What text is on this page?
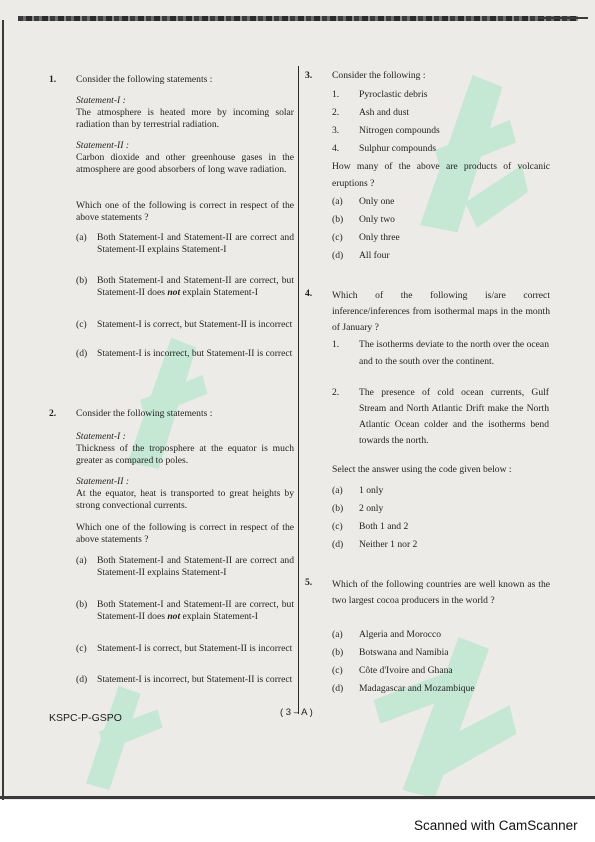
1. Consider the following statements :
Statement-I :
The atmosphere is heated more by incoming solar radiation than by terrestrial radiation.
Statement-II :
Carbon dioxide and other greenhouse gases in the atmosphere are good absorbers of long wave radiation.
Which one of the following is correct in respect of the above statements ?
(a) Both Statement-I and Statement-II are correct and Statement-II explains Statement-I
(b) Both Statement-I and Statement-II are correct, but Statement-II does not explain Statement-I
(c) Statement-I is correct, but Statement-II is incorrect
(d) Statement-I is incorrect, but Statement-II is correct
2. Consider the following statements :
Statement-I :
Thickness of the troposphere at the equator is much greater as compared to poles.
Statement-II :
At the equator, heat is transported to great heights by strong convectional currents.
Which one of the following is correct in respect of the above statements ?
(a) Both Statement-I and Statement-II are correct and Statement-II explains Statement-I
(b) Both Statement-I and Statement-II are correct, but Statement-II does not explain Statement-I
(c) Statement-I is correct, but Statement-II is incorrect
(d) Statement-I is incorrect, but Statement-II is correct
3. Consider the following :
1. Pyroclastic debris
2. Ash and dust
3. Nitrogen compounds
4. Sulphur compounds
How many of the above are products of volcanic eruptions ?
(a) Only one
(b) Only two
(c) Only three
(d) All four
4. Which of the following is/are correct inference/inferences from isothermal maps in the month of January ?
1. The isotherms deviate to the north over the ocean and to the south over the continent.
2. The presence of cold ocean currents, Gulf Stream and North Atlantic Drift make the North Atlantic Ocean colder and the isotherms bend towards the north.
Select the answer using the code given below :
(a) 1 only
(b) 2 only
(c) Both 1 and 2
(d) Neither 1 nor 2
5. Which of the following countries are well known as the two largest cocoa producers in the world ?
(a) Algeria and Morocco
(b) Botswana and Namibia
(c) Côte d'Ivoire and Ghana
(d) Madagascar and Mozambique
KSPC-P-GSPO	( 3 – A )
Scanned with CamScanner
